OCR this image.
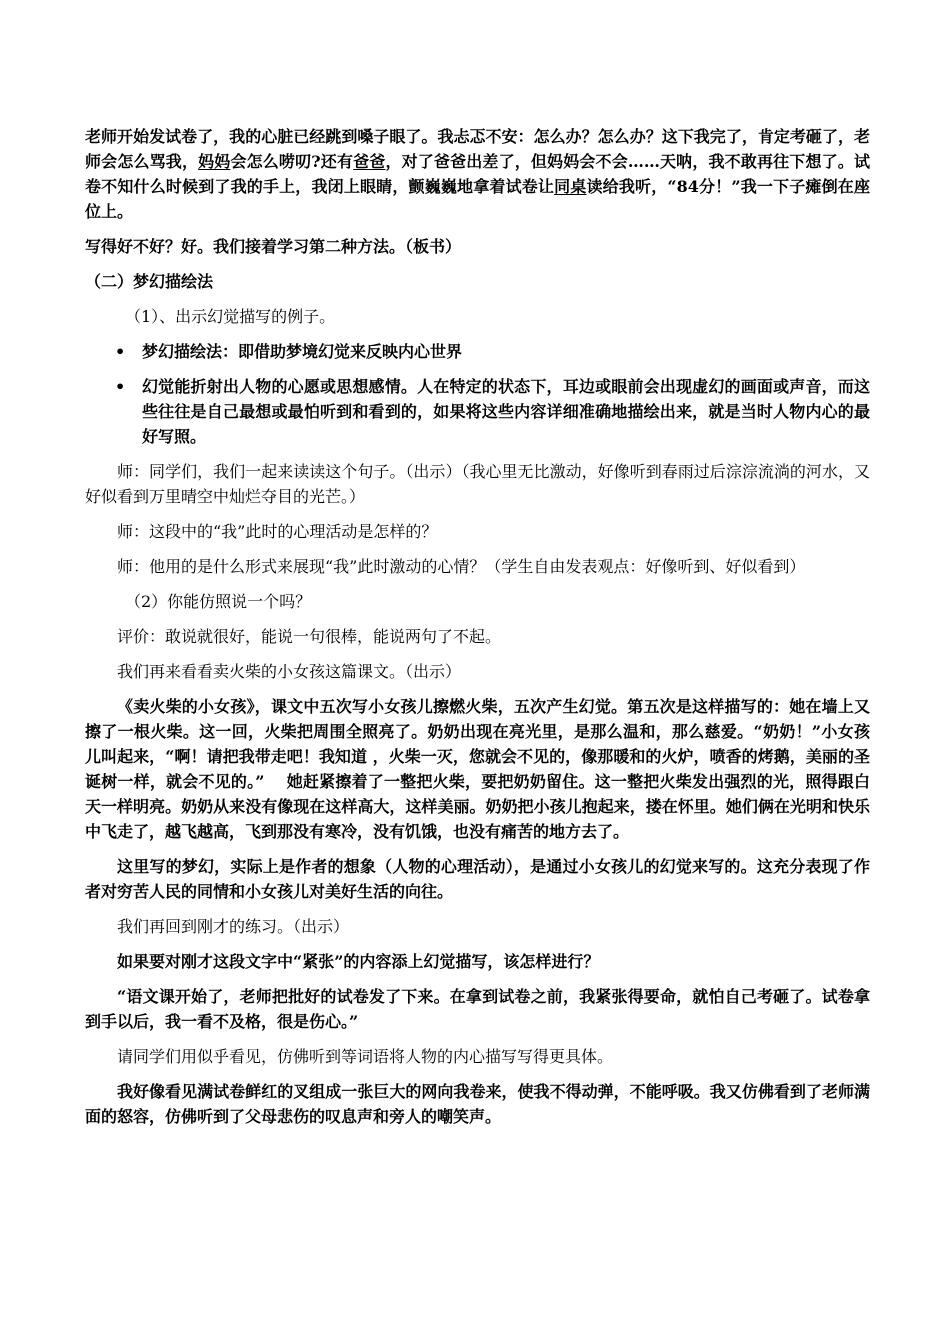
老师开始发试卷了，我的心脏已经跳到嗓子眼了。我忐忑不安：怎么办？怎么办？这下我完了，肯定考砸了，老师会怎么骂我，妈妈会怎么唠叨?还有爸爸，对了爸爸出差了，但妈妈会不会……天呐，我不敢再往下想了。试卷不知什么时候到了我的手上，我闭上眼睛，颤巍巍地拿着试卷让同桌读给我听，“84分！”我一下子瘫倒在座位上。

写得好不好？好。我们接着学习第二种方法。（板书）

（二）梦幻描绘法

（1）、出示幻觉描写的例子。

• 梦幻描绘法：即借助梦境幻觉来反映内心世界

• 幻觉能折射出人物的心愿或思想感情。人在特定的状态下，耳边或眼前会出现虚幻的画面或声音，而这些往往是自己最想或最怕听到和看到的，如果将这些内容详细准确地描绘出来，就是当时人物内心的最好写照。

师：同学们，我们一起来读读这个句子。（出示）（我心里无比激动，好像听到春雨过后淙淙流淌的河水，又好似看到万里晴空中灿烂夺目的光芒。）

师：这段中的“我”此时的心理活动是怎样的？

师：他用的是什么形式来展现“我”此时激动的心情？（学生自由发表观点：好像听到、好似看到）

（2）你能仿照说一个吗？

评价：敢说就很好，能说一句很棒，能说两句了不起。

我们再来看看卖火柴的小女孩这篇课文。（出示）

《卖火柴的小女孩》，课文中五次写小女孩儿擦燃火柴，五次产生幻觉。第五次是这样描写的：她在墙上又擦了一根火柴。这一回，火柴把周围全照亮了。奶奶出现在亮光里，是那么温和，那么慈爱。“奶奶！”小女孩儿叫起来，“啊！请把我带走吧！我知道 ，火柴一灭，您就会不见的，像那暖和的火炉，喷香的烤鹅，美丽的圣诞树一样，就会不见的。”　 她赶紧擦着了一整把火柴，要把奶奶留住。这一整把火柴发出强烈的光，照得跟白天一样明亮。奶奶从来没有像现在这样高大，这样美丽。奶奶把小孩儿抱起来，搂在怀里。她们俩在光明和快乐中飞走了，越飞越高，飞到那没有寒冷，没有饥饿，也没有痛苦的地方去了。

这里写的梦幻，实际上是作者的想象（人物的心理活动），是通过小女孩儿的幻觉来写的。这充分表现了作者对穷苦人民的同情和小女孩儿对美好生活的向往。

我们再回到刚才的练习。（出示）

如果要对刚才这段文字中“紧张”的内容添上幻觉描写，该怎样进行？

“语文课开始了，老师把批好的试卷发了下来。在拿到试卷之前，我紧张得要命，就怕自己考砸了。试卷拿到手以后，我一看不及格，很是伤心。”

请同学们用似乎看见，仿佛听到等词语将人物的内心描写写得更具体。

我好像看见满试卷鲜红的叉组成一张巨大的网向我卷来，使我不得动弹，不能呼吸。我又仿佛看到了老师满面的怒容，仿佛听到了父母悲伤的叹息声和旁人的嘲笑声。
